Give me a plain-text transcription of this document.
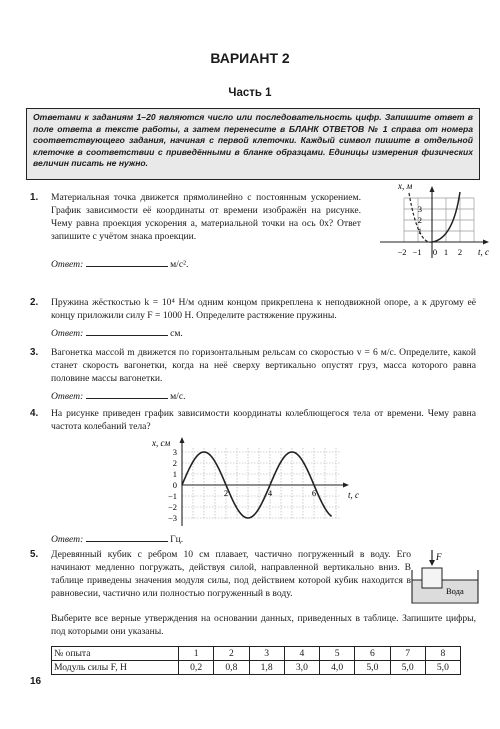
ВАРИАНТ 2
Часть 1
Ответами к заданиям 1–20 являются число или последовательность цифр. Запишите ответ в поле ответа в тексте работы, а затем перенесите в БЛАНК ОТВЕТОВ № 1 справа от номера соответствующего задания, начиная с первой клеточки. Каждый символ пишите в отдельной клеточке в соответствии с приведёнными в бланке образцами. Единицы измерения физических величин писать не нужно.
1. Материальная точка движется прямолинейно с постоянным ускорением. График зависимости её координаты от времени изображён на рисунке. Чему равна проекция ускорения a, материальной точки на ось 0x? Ответ запишите с учётом знака проекции.
Ответ:	м/с².
x, м
t, c
1
2
3
−2 −1 0 1 2
2. Пружина жёсткостью k = 10⁴ Н/м одним концом прикреплена к неподвижной опоре, а к другому её концу приложили силу F = 1000 Н. Определите растяжение пружины.
Ответ:	см.
3. Вагонетка массой m движется по горизонтальным рельсам со скоростью v = 6 м/с. Определите, какой станет скорость вагонетки, когда на неё сверху вертикально опустят груз, масса которого равна половине массы вагонетки.
Ответ:	м/с.
4. На рисунке приведен график зависимости координаты колеблющегося тела от времени. Чему равна частота колебаний тела?
x, см
t, с
3
2
1
0
−1
−2
−3
2	4	6
Ответ:	Гц.
5. Деревянный кубик с ребром 10 см плавает, частично погруженный в воду. Его начинают медленно погружать, действуя силой, направленной вертикально вниз. В таблице приведены значения модуля силы, под действием которой кубик находится в равновесии, частично или полностью погруженный в воду.
F
Вода
Выберите все верные утверждения на основании данных, приведенных в таблице. Запишите цифры, под которыми они указаны.
№ опыта	1	2	3	4	5	6	7	8
Модуль силы F, Н	0,2	0,8	1,8	3,0	4,0	5,0	5,0	5,0
16
